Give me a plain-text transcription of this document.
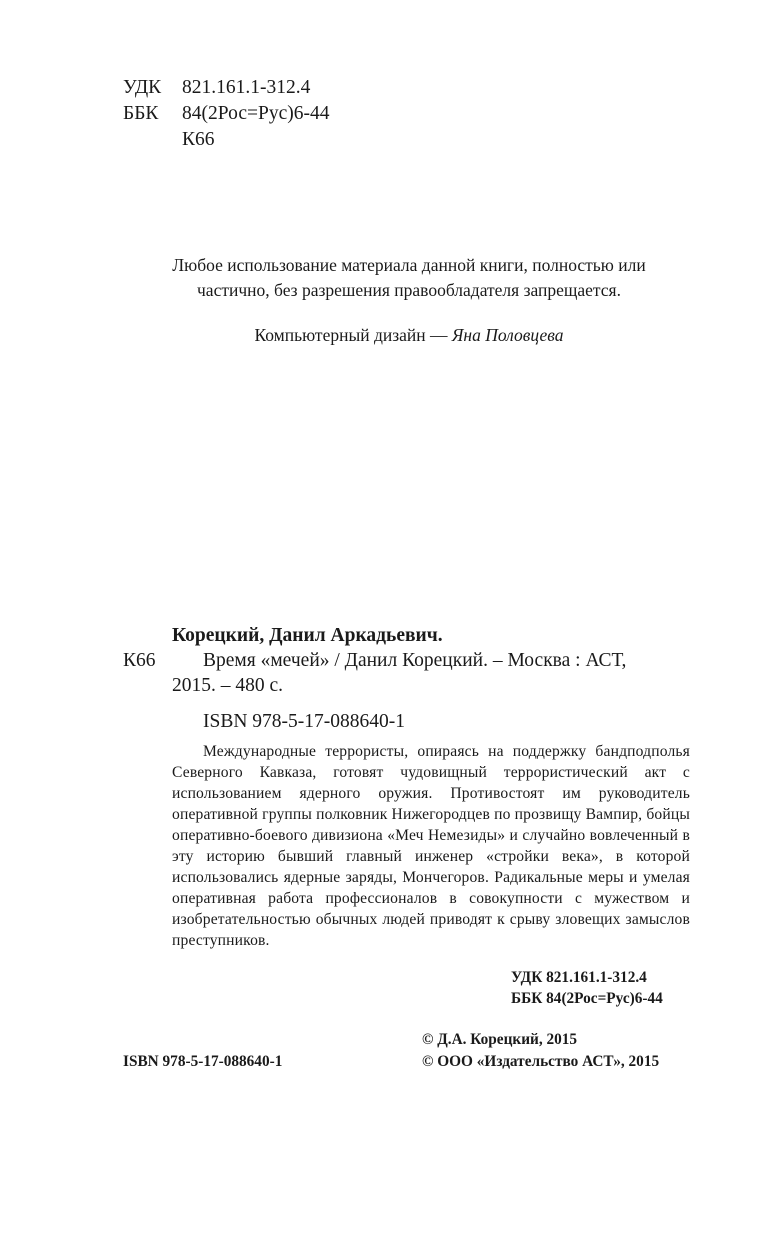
УДК 821.161.1-312.4
ББК 84(2Рос=Рус)6-44
К66
Любое использование материала данной книги, полностью или
частично, без разрешения правообладателя запрещается.
Компьютерный дизайн — Яна Половцева
Корецкий, Данил Аркадьевич.
К66 Время «мечей» / Данил Корецкий. – Москва : АСТ,
2015. – 480 с.
ISBN 978-5-17-088640-1

Международные террористы, опираясь на поддержку бандподполья Северного Кавказа, готовят чудовищный террористический акт с использованием ядерного оружия. Противостоят им руководитель оперативной группы полковник Нижегородцев по прозвищу Вампир, бойцы оперативно-боевого дивизиона «Меч Немезиды» и случайно вовлеченный в эту историю бывший главный инженер «стройки века», в которой использовались ядерные заряды, Мончегоров. Радикальные меры и умелая оперативная работа профессионалов в совокупности с мужеством и изобретательностью обычных людей приводят к срыву зловещих замыслов преступников.

УДК 821.161.1-312.4
ББК 84(2Рос=Рус)6-44
© Д.А. Корецкий, 2015
© ООО «Издательство АСТ», 2015
ISBN 978-5-17-088640-1
